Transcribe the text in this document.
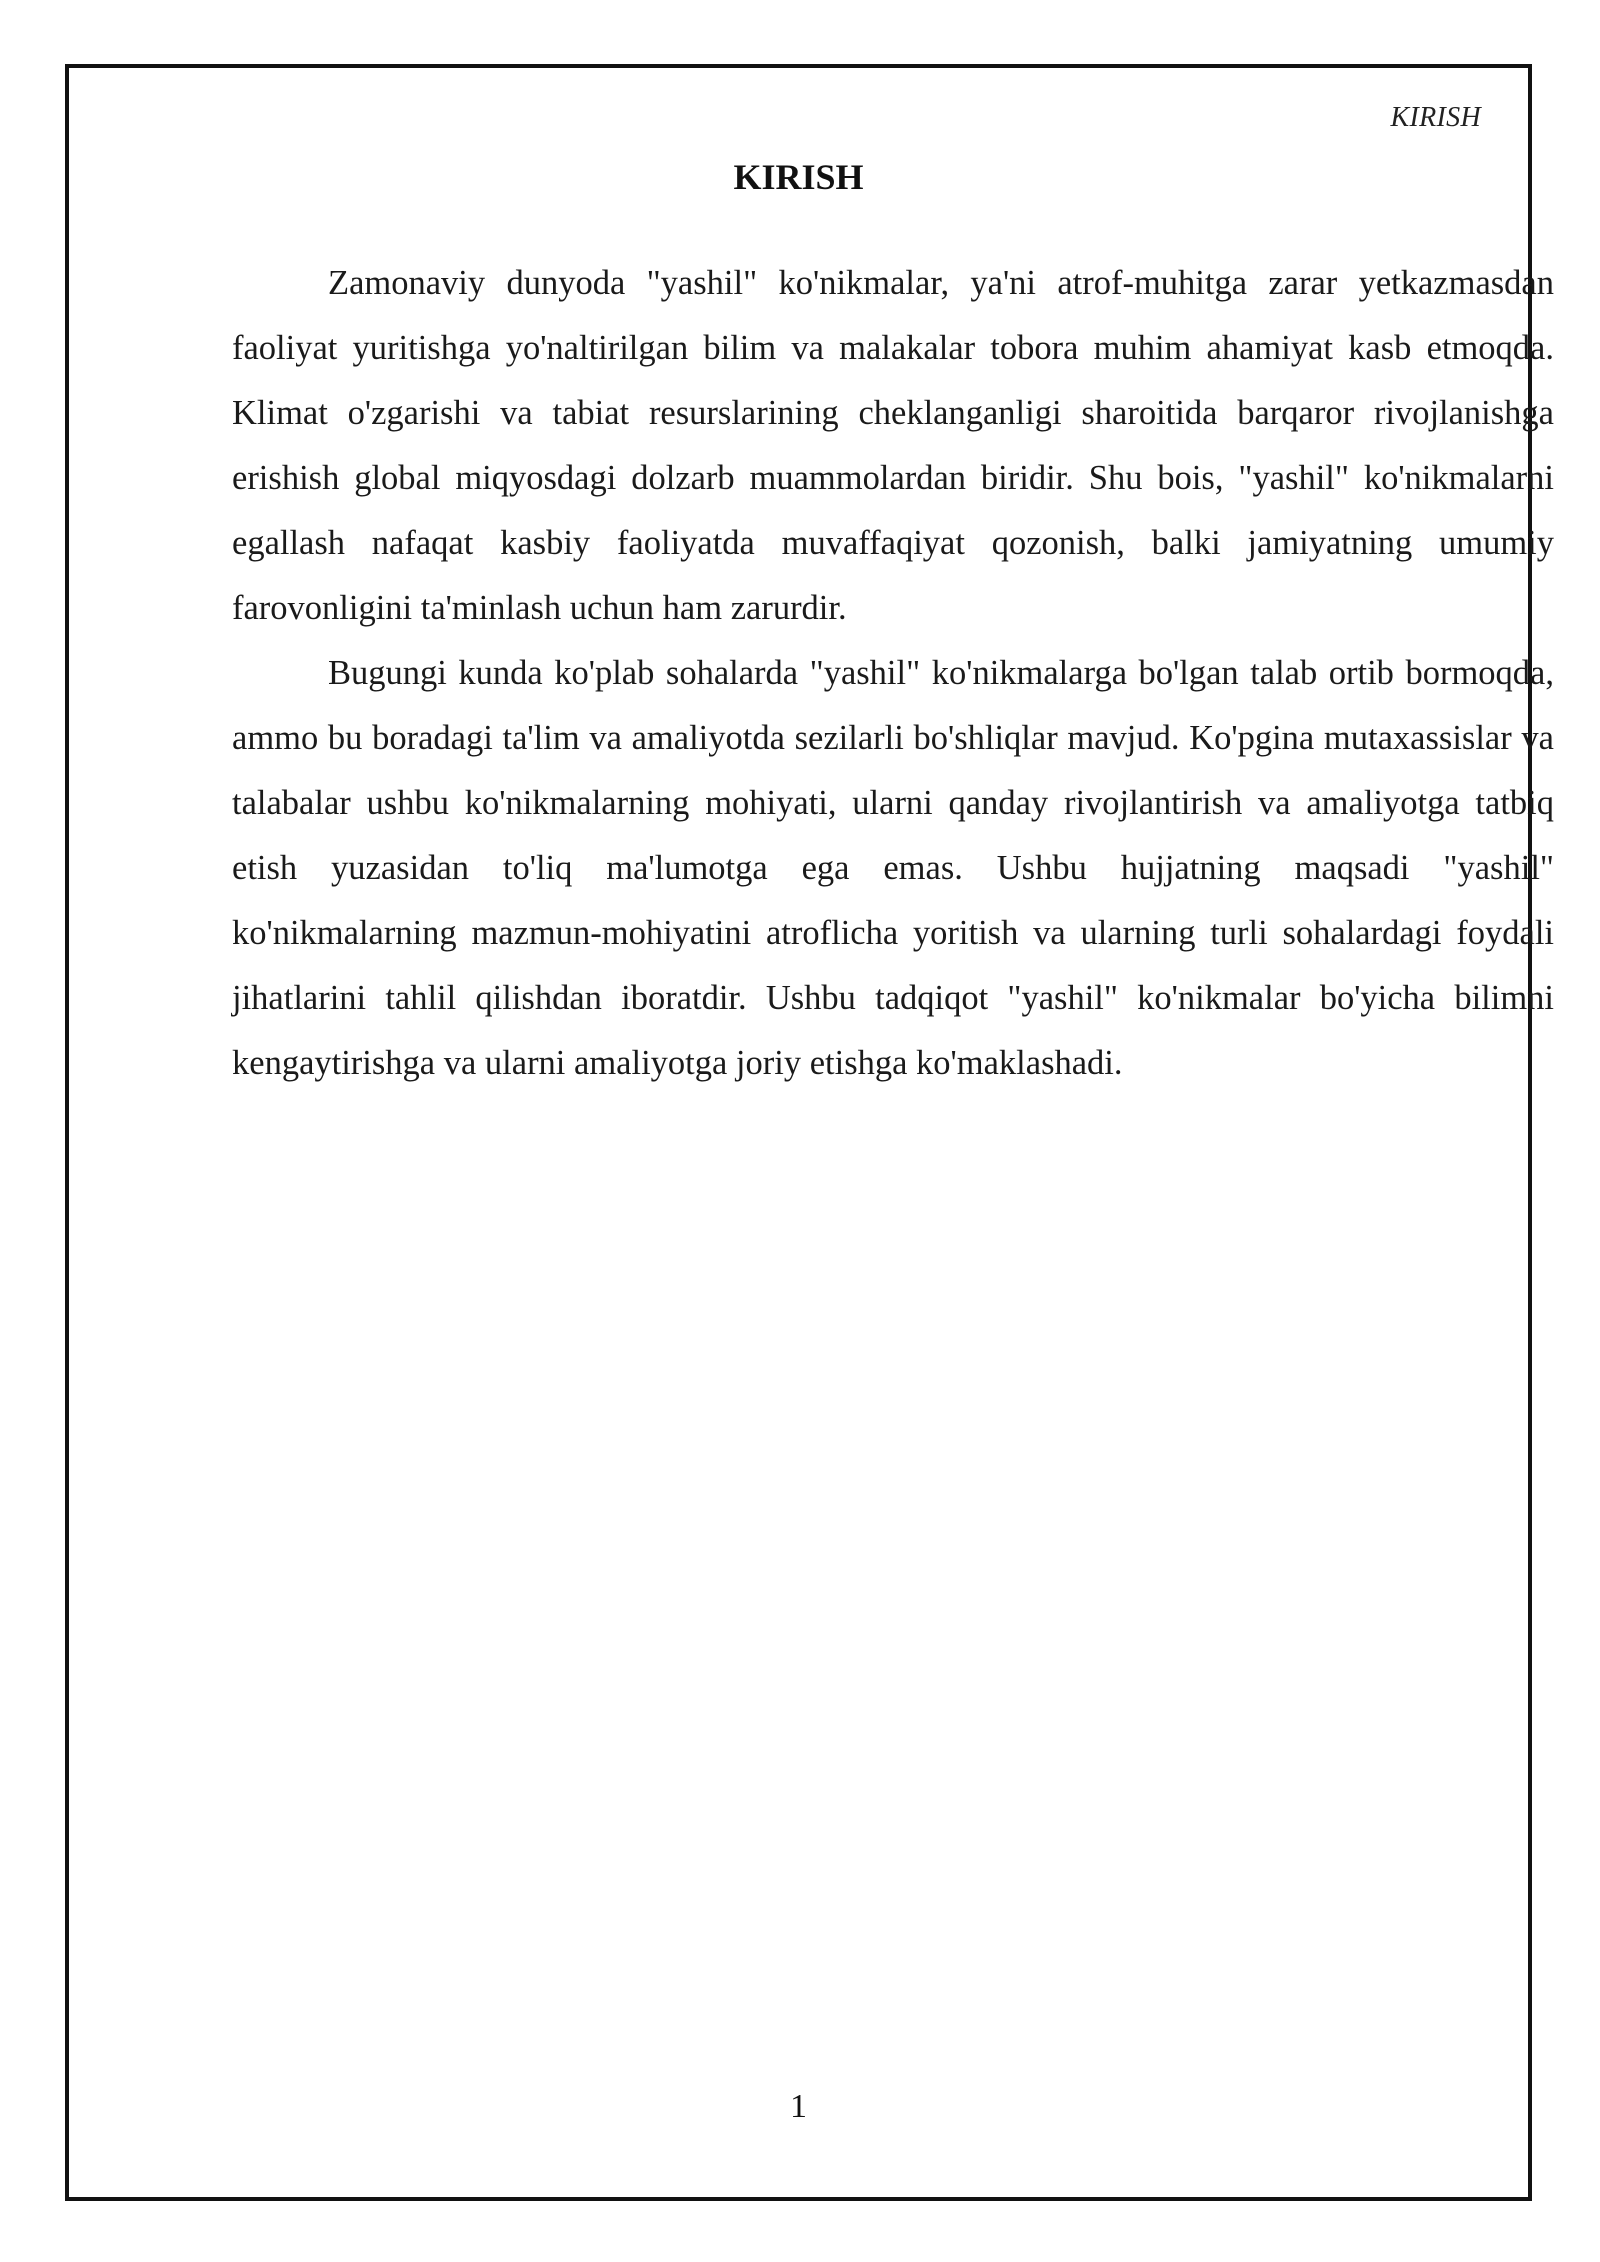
KIRISH
KIRISH

Zamonaviy dunyoda "yashil" ko'nikmalar, ya'ni atrof-muhitga zarar yetkazmasdan faoliyat yuritishga yo'naltirilgan bilim va malakalar tobora muhim ahamiyat kasb etmoqda. Klimat o'zgarishi va tabiat resurslarining cheklanganligi sharoitida barqaror rivojlanishga erishish global miqyosdagi dolzarb muammolardan biridir. Shu bois, "yashil" ko'nikmalarni egallash nafaqat kasbiy faoliyatda muvaffaqiyat qozonish, balki jamiyatning umumiy farovonligini ta'minlash uchun ham zarurdir.

Bugungi kunda ko'plab sohalarda "yashil" ko'nikmalarga bo'lgan talab ortib bormoqda, ammo bu boradagi ta'lim va amaliyotda sezilarli bo'shliqlar mavjud. Ko'pgina mutaxassislar va talabalar ushbu ko'nikmalarning mohiyati, ularni qanday rivojlantirish va amaliyotga tatbiq etish yuzasidan to'liq ma'lumotga ega emas. Ushbu hujjatning maqsadi "yashil" ko'nikmalarning mazmun-mohiyatini atroflicha yoritish va ularning turli sohalardagi foydali jihatlarini tahlil qilishdan iboratdir. Ushbu tadqiqot "yashil" ko'nikmalar bo'yicha bilimni kengaytirishga va ularni amaliyotga joriy etishga ko'maklashadi.

1
